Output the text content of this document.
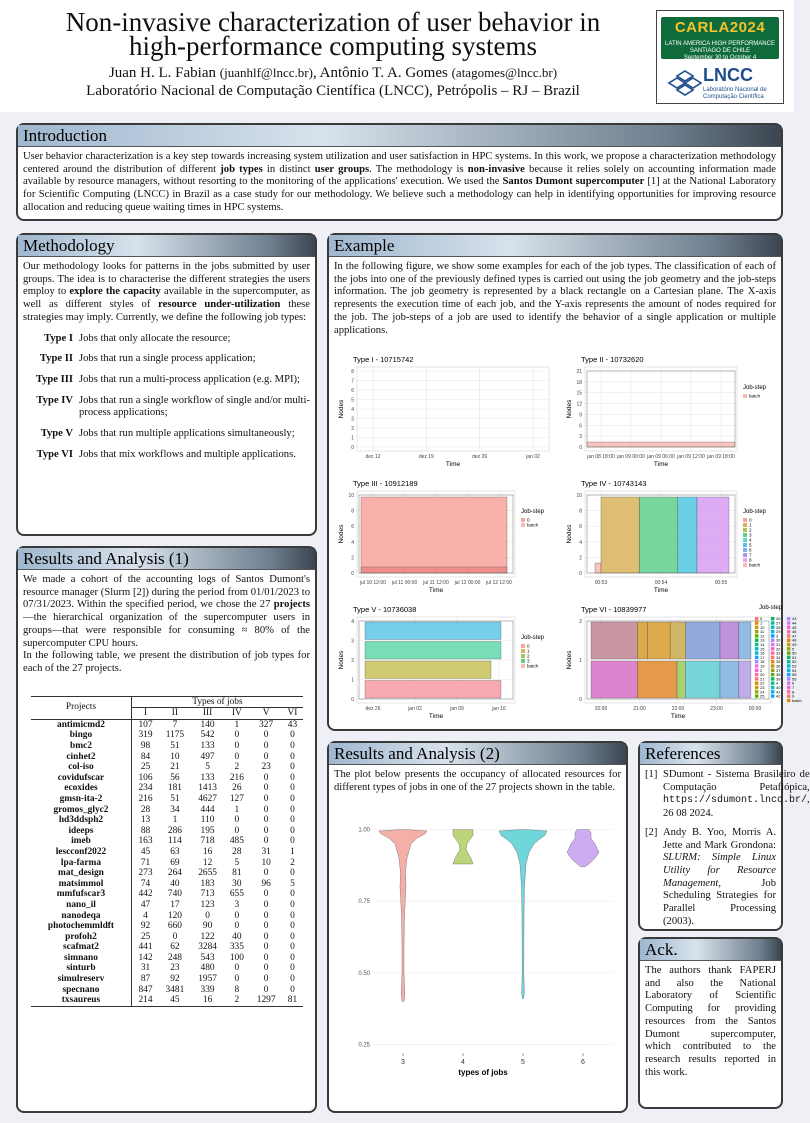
Non-invasive characterization of user behavior in
high-performance computing systems
Juan H. L. Fabian (juanhlf@lncc.br), Antônio T. A. Gomes (atagomes@lncc.br)
Laboratório Nacional de Computação Científica (LNCC), Petrópolis – RJ – Brazil
CARLA2024
LATIN AMERICA HIGH PERFORMANCE SANTIAGO DE CHILE
September 30 to October 4
LNCC
Laboratório Nacional de Computação Científica
Introduction
User behavior characterization is a key step towards increasing system utilization and user satisfaction in HPC systems. In this work, we propose a characterization methodology centered around the distribution of different job types in distinct user groups. The methodology is non-invasive because it relies solely on accounting information made available by resource managers, without resorting to the monitoring of the applications' execution. We used the Santos Dumont supercomputer [1] at the National Laboratory for Scientific Computing (LNCC) in Brazil as a case study for our methodology. We believe such a methodology can help in identifying opportunities for improving resource allocation and reducing queue waiting times in HPC systems.
Methodology
Our methodology looks for patterns in the jobs submitted by user groups. The idea is to characterise the different strategies the users employ to explore the capacity available in the supercomputer, as well as different styles of resource under-utilization these strategies may imply. Currently, we define the following job types:
Type I Jobs that only allocate the resource;
Type II Jobs that run a single process application;
Type III Jobs that run a multi-process application (e.g. MPI);
Type IV Jobs that run a single workflow of single and/or multi-process applications;
Type V Jobs that run multiple applications simultaneously;
Type VI Jobs that mix workflows and multiple applications.
Results and Analysis (1)
We made a cohort of the accounting logs of Santos Dumont's resource manager (Slurm [2]) during the period from 01/01/2023 to 07/31/2023. Within the specified period, we chose the 27 projects—the hierarchical organization of the supercomputer users in groups—that were responsible for consuming ≈ 80% of the supercomputer CPU hours.
In the following table, we present the distribution of job types for each of the 27 projects.
Projects	Types of jobs					
	I	II	III	IV	V	VI
antimicmd2	107	7	140	1	327	43
bingo	319	1175	542	0	0	0
bmc2	98	51	133	0	0	0
cinhet2	84	10	497	0	0	0
col-iso	25	21	5	2	23	0
covidufscar	106	56	133	216	0	0
ecoxides	234	181	1413	26	0	0
gmsn-ita-2	216	51	4627	127	0	0
gromos_glyc2	28	34	444	1	0	0
hd3ddsph2	13	1	110	0	0	0
ideeps	88	286	195	0	0	0
imeb	163	114	718	485	0	0
lescconf2022	45	63	16	28	31	1
lpa-farma	71	69	12	5	10	2
mat_design	273	264	2655	81	0	0
matsimmol	74	40	183	30	96	5
mmfufscar3	442	740	713	655	0	0
nano_il	47	17	123	3	0	0
nanodeqa	4	120	0	0	0	0
photochemmldft	92	660	90	0	0	0
profoh2	25	0	122	40	0	0
scafmat2	441	62	3284	335	0	0
simnano	142	248	543	100	0	0
sinturb	31	23	480	0	0	0
simulreserv	87	92	1957	0	0	0
specnano	847	3481	339	8	0	0
txsaureus	214	45	16	2	1297	81
Example
In the following figure, we show some examples for each of the job types. The classification of each of the jobs into one of the previously defined types is carried out using the job geometry and the job-steps information. The job geometry is represented by a black rectangle on a Cartesian plane. The X-axis represents the execution time of each job, and the Y-axis represents the amount of nodes required for the job. The job-steps of a job are used to identify the behavior of a single application or multiple applications.
Type I - 10715742
0
1
2
3
4
5
6
7
8
dez 12	dez 19	dez 26	jan 02
Time
Nodes
Type II - 10732620
0
3
6
9
12
15
18
21
jan 08 18:00 jan 09 00:00 jan 09 06:00 jan 09 12:00 jan 09 18:00
Time
Nodes
Job-step
batch
Type III - 10912189
0
2
4
6
8
10
jul 10 12:00 jul 11 00:00 jul 11 12:00 jul 12 00:00 jul 12 12:00
Time
Nodes
Job-step
0
batch
Type IV - 10743143
0
2
4
6
8
10
00:53	00:54	00:55
Time
Nodes
Job-step
0
1
2
3
4
5
6
7
8
batch
Type V - 10736038
0
1
2
3
4
dez 26	jan 02	jan 09	jan 16
Time
Nodes
Job-step
0
1
2
3
batch
Type VI - 10839977
0
1
2
20:00	21:00	22:00	23:00	00:00
Time
Nodes
Job-step
0
1
10
11
12
13
14
15
16
17
18
19
2
20
21
22
23
24
25
26
27
28
29
3
30
31
32
33
34
35
36
37
38
39
4
40
41
42
43
44
45
46
47
48
49
5
50
51
52
53
54
55
56
6
7
8
9
batch
Results and Analysis (2)
The plot below presents the occupancy of allocated resources for different types of jobs in one of the 27 projects shown in the table.
0.25
0.50
0.75
1.00
3	4	5	6
types of jobs
References
[1] SDumont - Sistema Brasileiro de Computação Petaflópica, https://sdumont.lncc.br/, 26 08 2024.
[2] Andy B. Yoo, Morris A. Jette and Mark Grondona: SLURM: Simple Linux Utility for Resource Management, Job Scheduling Strategies for Parallel Processing (2003).
Ack.
The authors thank FAPERJ and also the National Laboratory of Scientific Computing for providing resources from the Santos Dumont supercomputer, which contributed to the research results reported in this work.
